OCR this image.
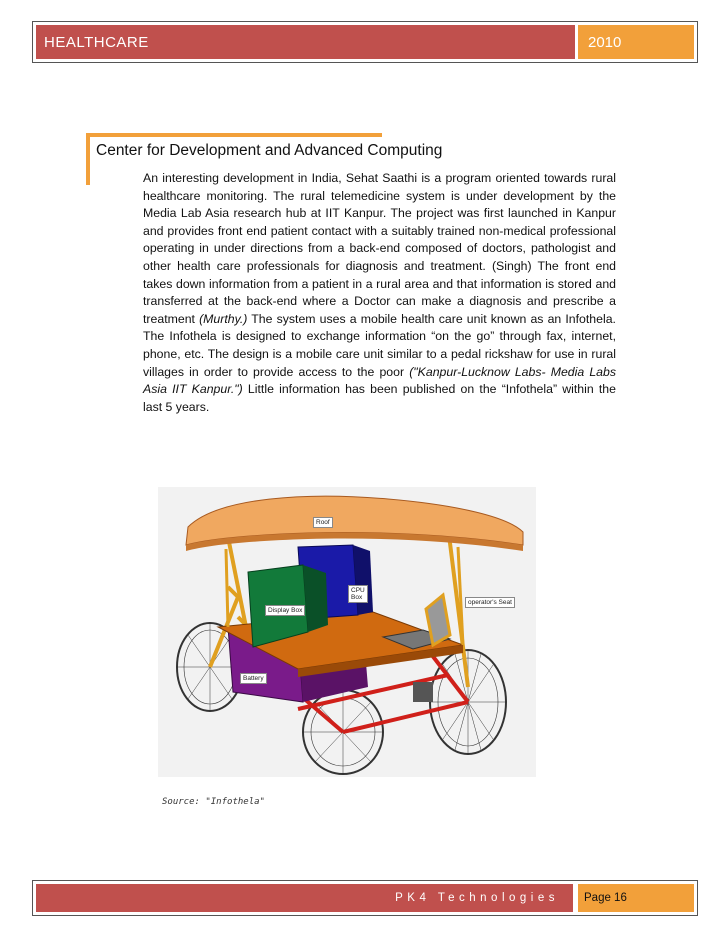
HEALTHCARE	2010
Center for Development and Advanced Computing
An interesting development in India, Sehat Saathi is a program oriented towards rural healthcare monitoring. The rural telemedicine system is under development by the Media Lab Asia research hub at IIT Kanpur. The project was first launched in Kanpur and provides front end patient contact with a suitably trained non-medical professional operating in under directions from a back-end composed of doctors, pathologist and other health care professionals for diagnosis and treatment. (Singh) The front end takes down information from a patient in a rural area and that information is stored and transferred at the back-end where a Doctor can make a diagnosis and prescribe a treatment (Murthy.) The system uses a mobile health care unit known as an Infothela. The Infothela is designed to exchange information “on the go” through fax, internet, phone, etc. The design is a mobile care unit similar to a pedal rickshaw for use in rural villages in order to provide access to the poor ("Kanpur-Lucknow Labs- Media Labs Asia IIT Kanpur.") Little information has been published on the “Infothela” within the last 5 years.
Roof
CPU
Box
operator's Seat
Display Box
Battery
Source: "Infothela"
PK4 Technologies	Page 16
